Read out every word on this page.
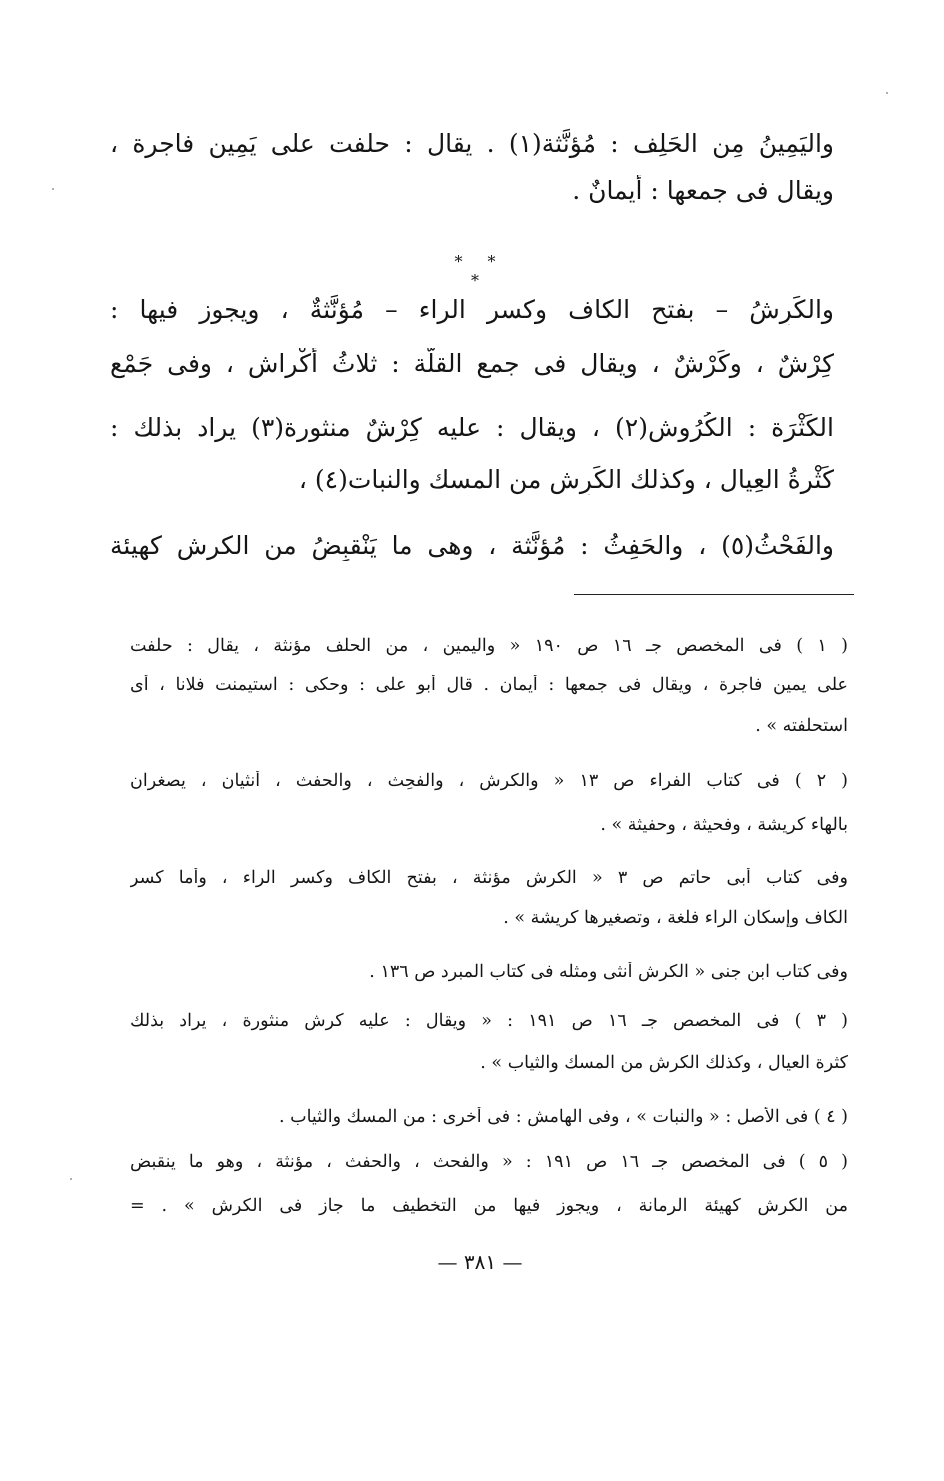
واليَمِينُ مِن الحَلِف : مُؤنَّثة(١) . يقال : حلفت على يَمِينٍ فاجرة ،
ويقال فى جمعها : أيمانٌ .
* * *
والكَرِشُ – بفتح الكاف وكسر الراء – مُؤنَّثةٌ ، ويجوز فيها :
كِرْشٌ ، وكَرْشٌ ، ويقال فى جمع القلَّة : ثلاثُ أكْراشٍ ، وفى جَمْع
الكَثْرَة : الكُرُوش(٢) ، ويقال : عليه كِرْشٌ منثورة(٣) يراد بذلك :
كَثْرةُ العِيال ، وكذلك الكَرِش من المسك والنبات(٤) ،
والفَحْثُ(٥) ، والحَفِثُ : مُؤنَّثة ، وهى ما يَنْقبِضُ من الكرش كهيئة
( ١ ) فى المخصص جـ ١٦ ص ١٩٠ « واليمين ، من الحلف مؤنثة ، يقال : حلفت
على يمين فاجرة ، ويقال فى جمعها : أيمان . قال أبو على : وحكى : استيمنت فلانا ، أى
استحلفته » .
( ٢ ) فى كتاب الفراء ص ١٣ « والكرش ، والفحِث ، والحفث ، أُنثيان ، يصغران
بالهاء كريشة ، وفحيثة ، وحفيثة » .
وفى كتاب أبى حاتم ص ٣ « الكرش مؤنثة ، بفتح الكاف وكسر الراء ، وأما كسر
الكاف وإسكان الراء فلغة ، وتصغيرها كريشة » .
وفى كتاب ابن جنى « الكرش أنثى ومثله فى كتاب المبرد ص ١٣٦ .
( ٣ ) فى المخصص جـ ١٦ ص ١٩١ : « ويقال : عليه كرش منثورة ، يراد بذلك
كثرة العيال ، وكذلك الكرش من المسك والثياب » .
( ٤ ) فى الأصل : « والنبات » ، وفى الهامش : فى أُخرى : من المسك والثياب .
( ٥ ) فى المخصص جـ ١٦ ص ١٩١ : « والفحث ، والحفث ، مؤنثة ، وهو ما ينقبض
من الكرش كهيئة الرمانة ، ويجوز فيها من التخطيف ما جاز فى الكرش » . =
— ٣٨١ —
